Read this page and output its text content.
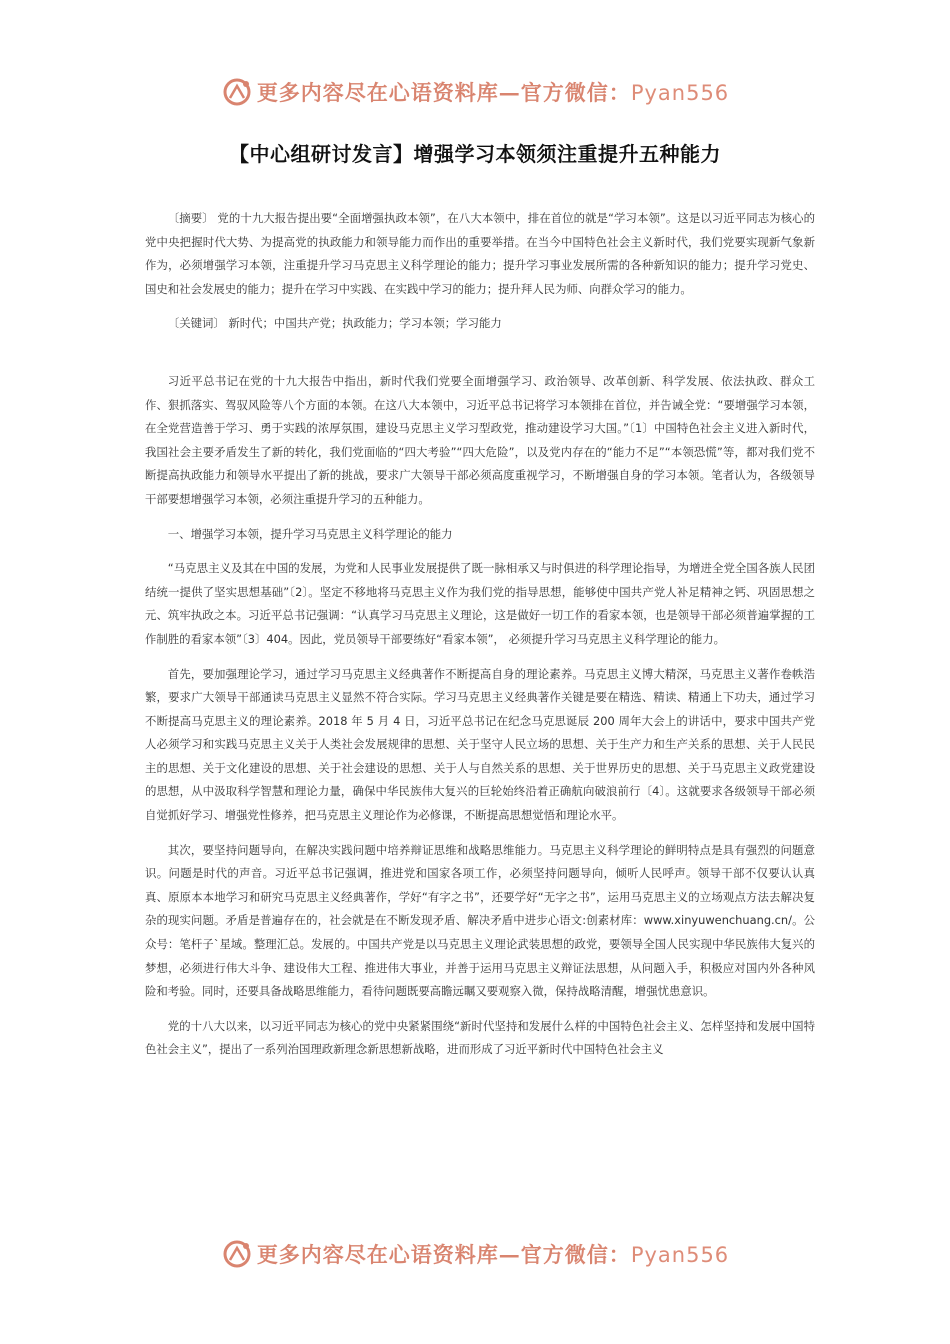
更多内容尽在心语资料库—官方微信：Pyan556
【中心组研讨发言】增强学习本领须注重提升五种能力

〔摘要〕 党的十九大报告提出要“全面增强执政本领”，在八大本领中，排在首位的就是“学习本领”。这是以习近平同志为核心的党中央把握时代大势、为提高党的执政能力和领导能力而作出的重要举措。在当今中国特色社会主义新时代，我们党要实现新气象新作为，必须增强学习本领，注重提升学习马克思主义科学理论的能力；提升学习事业发展所需的各种新知识的能力；提升学习党史、国史和社会发展史的能力；提升在学习中实践、在实践中学习的能力；提升拜人民为师、向群众学习的能力。

〔关键词〕 新时代；中国共产党；执政能力；学习本领；学习能力

习近平总书记在党的十九大报告中指出，新时代我们党要全面增强学习、政治领导、改革创新、科学发展、依法执政、群众工作、狠抓落实、驾驭风险等八个方面的本领。在这八大本领中，习近平总书记将学习本领排在首位，并告诫全党：“要增强学习本领，在全党营造善于学习、勇于实践的浓厚氛围，建设马克思主义学习型政党，推动建设学习大国。”〔1〕中国特色社会主义进入新时代，我国社会主要矛盾发生了新的转化，我们党面临的“四大考验”“四大危险”，以及党内存在的“能力不足”“本领恐慌”等，都对我们党不断提高执政能力和领导水平提出了新的挑战，要求广大领导干部必须高度重视学习，不断增强自身的学习本领。笔者认为，各级领导干部要想增强学习本领，必须注重提升学习的五种能力。

一、增强学习本领，提升学习马克思主义科学理论的能力

“马克思主义及其在中国的发展，为党和人民事业发展提供了既一脉相承又与时俱进的科学理论指导，为增进全党全国各族人民团结统一提供了坚实思想基础”〔2〕。坚定不移地将马克思主义作为我们党的指导思想，能够使中国共产党人补足精神之钙、巩固思想之元、筑牢执政之本。习近平总书记强调：“认真学习马克思主义理论，这是做好一切工作的看家本领，也是领导干部必须普遍掌握的工作制胜的看家本领”〔3〕404。因此，党员领导干部要练好“看家本领”， 必须提升学习马克思主义科学理论的能力。

首先，要加强理论学习，通过学习马克思主义经典著作不断提高自身的理论素养。马克思主义博大精深，马克思主义著作卷帙浩繁，要求广大领导干部通读马克思主义显然不符合实际。学习马克思主义经典著作关键是要在精选、精读、精通上下功夫，通过学习不断提高马克思主义的理论素养。2018 年 5 月 4 日，习近平总书记在纪念马克思诞辰 200 周年大会上的讲话中，要求中国共产党人必须学习和实践马克思主义关于人类社会发展规律的思想、关于坚守人民立场的思想、关于生产力和生产关系的思想、关于人民民主的思想、关于文化建设的思想、关于社会建设的思想、关于人与自然关系的思想、关于世界历史的思想、关于马克思主义政党建设的思想，从中汲取科学智慧和理论力量，确保中华民族伟大复兴的巨轮始终沿着正确航向破浪前行〔4〕。这就要求各级领导干部必须自觉抓好学习、增强党性修养，把马克思主义理论作为必修课，不断提高思想觉悟和理论水平。

其次，要坚持问题导向，在解决实践问题中培养辩证思维和战略思维能力。马克思主义科学理论的鲜明特点是具有强烈的问题意识。问题是时代的声音。习近平总书记强调，推进党和国家各项工作，必须坚持问题导向，倾听人民呼声。领导干部不仅要认认真真、原原本本地学习和研究马克思主义经典著作，学好“有字之书”，还要学好“无字之书”，运用马克思主义的立场观点方法去解决复杂的现实问题。矛盾是普遍存在的，社会就是在不断发现矛盾、解决矛盾中进步心语文:创素材库：www.xinyuwenchuang.cn/。公众号：笔杆子`星域。整理汇总。发展的。中国共产党是以马克思主义理论武装思想的政党，要领导全国人民实现中华民族伟大复兴的梦想，必须进行伟大斗争、建设伟大工程、推进伟大事业，并善于运用马克思主义辩证法思想，从问题入手，积极应对国内外各种风险和考验。同时，还要具备战略思维能力，看待问题既要高瞻远瞩又要观察入微，保持战略清醒，增强忧患意识。

党的十八大以来，以习近平同志为核心的党中央紧紧围绕“新时代坚持和发展什么样的中国特色社会主义、怎样坚持和发展中国特色社会主义”，提出了一系列治国理政新理念新思想新战略，进而形成了习近平新时代中国特色社会主义

更多内容尽在心语资料库—官方微信：Pyan556
